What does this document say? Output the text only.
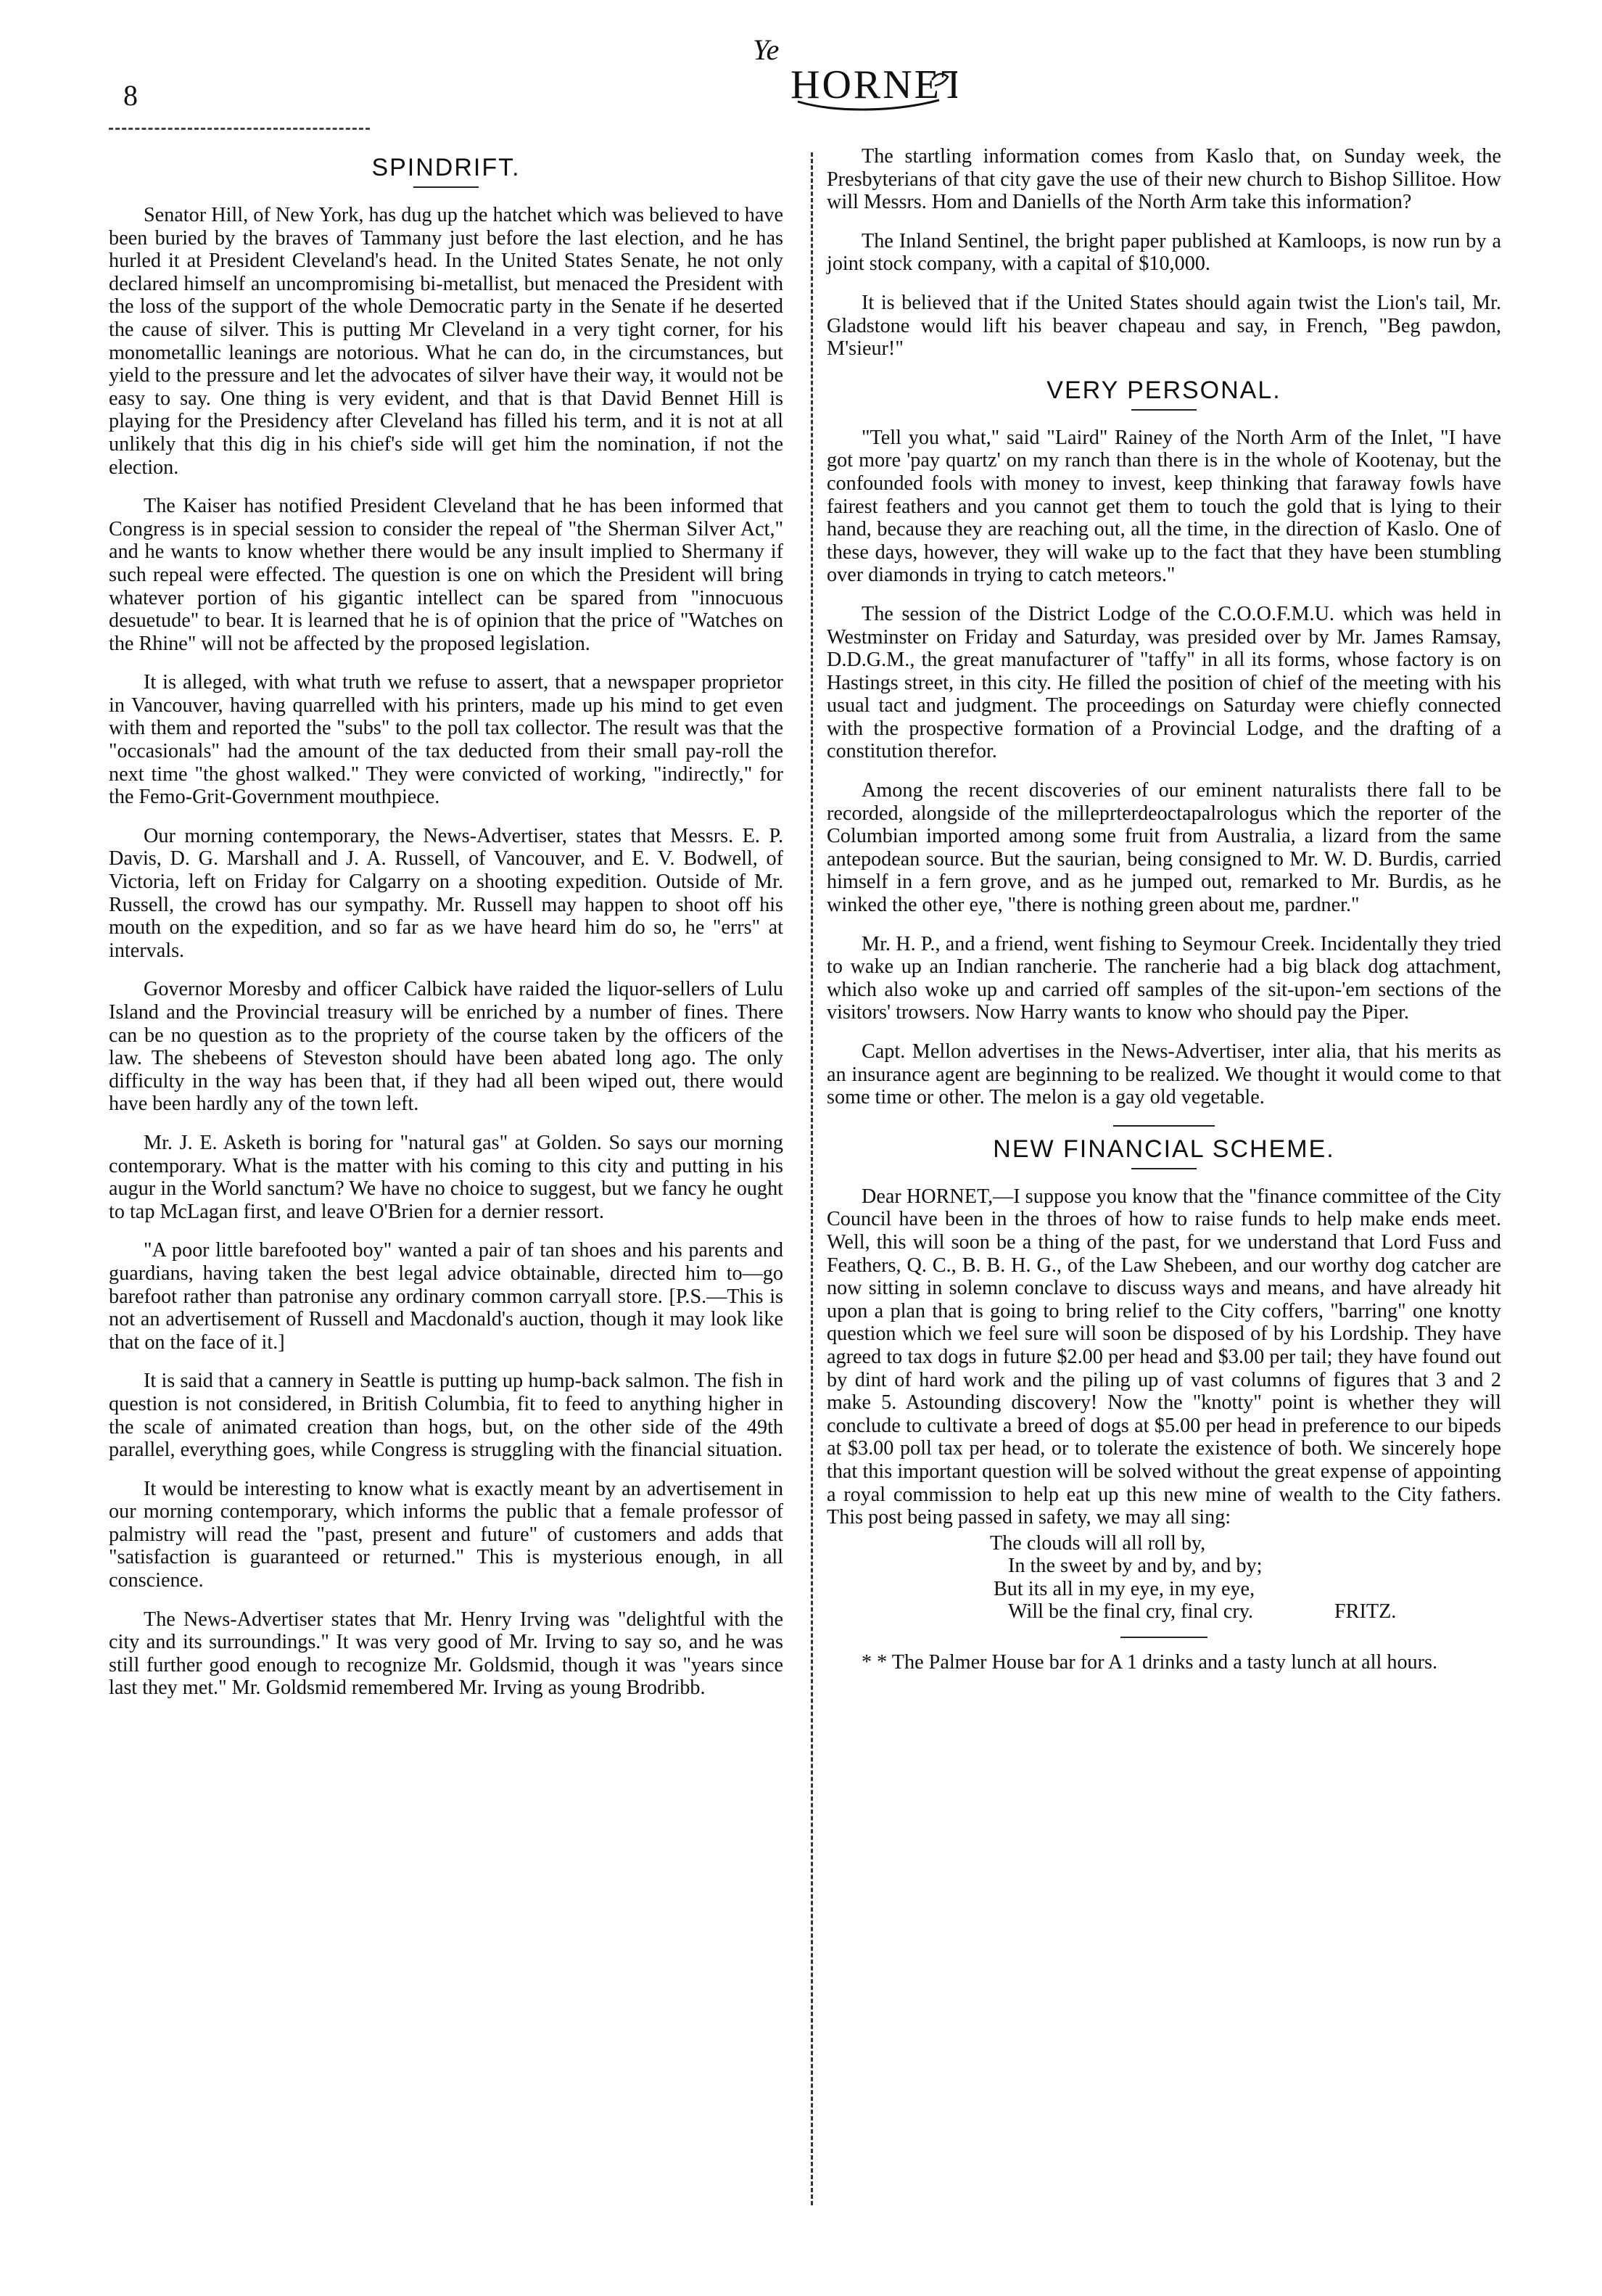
8
Ye
HORNET
SPINDRIFT.

Senator Hill, of New York, has dug up the hatchet which was believed to have been buried by the braves of Tammany just before the last election, and he has hurled it at President Cleveland's head. In the United States Senate, he not only declared himself an uncompromising bi-metallist, but menaced the President with the loss of the support of the whole Democratic party in the Senate if he deserted the cause of silver. This is putting Mr Cleveland in a very tight corner, for his monometallic leanings are notorious. What he can do, in the circumstances, but yield to the pressure and let the advocates of silver have their way, it would not be easy to say. One thing is very evident, and that is that David Bennet Hill is playing for the Presidency after Cleveland has filled his term, and it is not at all unlikely that this dig in his chief's side will get him the nomination, if not the election.

The Kaiser has notified President Cleveland that he has been informed that Congress is in special session to consider the repeal of "the Sherman Silver Act," and he wants to know whether there would be any insult implied to Shermany if such repeal were effected. The question is one on which the President will bring whatever portion of his gigantic intellect can be spared from "innocuous desuetude" to bear. It is learned that he is of opinion that the price of "Watches on the Rhine" will not be affected by the proposed legislation.

It is alleged, with what truth we refuse to assert, that a newspaper proprietor in Vancouver, having quarrelled with his printers, made up his mind to get even with them and reported the "subs" to the poll tax collector. The result was that the "occasionals" had the amount of the tax deducted from their small pay-roll the next time "the ghost walked." They were convicted of working, "indirectly," for the Femo-Grit-Government mouthpiece.

Our morning contemporary, the News-Advertiser, states that Messrs. E. P. Davis, D. G. Marshall and J. A. Russell, of Vancouver, and E. V. Bodwell, of Victoria, left on Friday for Calgarry on a shooting expedition. Outside of Mr. Russell, the crowd has our sympathy. Mr. Russell may happen to shoot off his mouth on the expedition, and so far as we have heard him do so, he "errs" at intervals.

Governor Moresby and officer Calbick have raided the liquor-sellers of Lulu Island and the Provincial treasury will be enriched by a number of fines. There can be no question as to the propriety of the course taken by the officers of the law. The shebeens of Steveston should have been abated long ago. The only difficulty in the way has been that, if they had all been wiped out, there would have been hardly any of the town left.

Mr. J. E. Asketh is boring for "natural gas" at Golden. So says our morning contemporary. What is the matter with his coming to this city and putting in his augur in the World sanctum? We have no choice to suggest, but we fancy he ought to tap McLagan first, and leave O'Brien for a dernier ressort.

"A poor little barefooted boy" wanted a pair of tan shoes and his parents and guardians, having taken the best legal advice obtainable, directed him to—go barefoot rather than patronise any ordinary common carryall store. [P.S.—This is not an advertisement of Russell and Macdonald's auction, though it may look like that on the face of it.]

It is said that a cannery in Seattle is putting up hump-back salmon. The fish in question is not considered, in British Columbia, fit to feed to anything higher in the scale of animated creation than hogs, but, on the other side of the 49th parallel, everything goes, while Congress is struggling with the financial situation.

It would be interesting to know what is exactly meant by an advertisement in our morning contemporary, which informs the public that a female professor of palmistry will read the "past, present and future" of customers and adds that "satisfaction is guaranteed or returned." This is mysterious enough, in all conscience.

The News-Advertiser states that Mr. Henry Irving was "delightful with the city and its surroundings." It was very good of Mr. Irving to say so, and he was still further good enough to recognize Mr. Goldsmid, though it was "years since last they met." Mr. Goldsmid remembered Mr. Irving as young Brodribb.

The startling information comes from Kaslo that, on Sunday week, the Presbyterians of that city gave the use of their new church to Bishop Sillitoe. How will Messrs. Hom and Daniells of the North Arm take this information?

The Inland Sentinel, the bright paper published at Kamloops, is now run by a joint stock company, with a capital of $10,000.

It is believed that if the United States should again twist the Lion's tail, Mr. Gladstone would lift his beaver chapeau and say, in French, "Beg pawdon, M'sieur!"

VERY PERSONAL.

"Tell you what," said "Laird" Rainey of the North Arm of the Inlet, "I have got more 'pay quartz' on my ranch than there is in the whole of Kootenay, but the confounded fools with money to invest, keep thinking that faraway fowls have fairest feathers and you cannot get them to touch the gold that is lying to their hand, because they are reaching out, all the time, in the direction of Kaslo. One of these days, however, they will wake up to the fact that they have been stumbling over diamonds in trying to catch meteors."

The session of the District Lodge of the C.O.O.F.M.U. which was held in Westminster on Friday and Saturday, was presided over by Mr. James Ramsay, D.D.G.M., the great manufacturer of "taffy" in all its forms, whose factory is on Hastings street, in this city. He filled the position of chief of the meeting with his usual tact and judgment. The proceedings on Saturday were chiefly connected with the prospective formation of a Provincial Lodge, and the drafting of a constitution therefor.

Among the recent discoveries of our eminent naturalists there fall to be recorded, alongside of the milleprterdeoctapalrologus which the reporter of the Columbian imported among some fruit from Australia, a lizard from the same antepodean source. But the saurian, being consigned to Mr. W. D. Burdis, carried himself in a fern grove, and as he jumped out, remarked to Mr. Burdis, as he winked the other eye, "there is nothing green about me, pardner."

Mr. H. P., and a friend, went fishing to Seymour Creek. Incidentally they tried to wake up an Indian rancherie. The rancherie had a big black dog attachment, which also woke up and carried off samples of the sit-upon-'em sections of the visitors' trowsers. Now Harry wants to know who should pay the Piper.

Capt. Mellon advertises in the News-Advertiser, inter alia, that his merits as an insurance agent are beginning to be realized. We thought it would come to that some time or other. The melon is a gay old vegetable.

NEW FINANCIAL SCHEME.

Dear HORNET,—I suppose you know that the "finance committee of the City Council have been in the throes of how to raise funds to help make ends meet. Well, this will soon be a thing of the past, for we understand that Lord Fuss and Feathers, Q. C., B. B. H. G., of the Law Shebeen, and our worthy dog catcher are now sitting in solemn conclave to discuss ways and means, and have already hit upon a plan that is going to bring relief to the City coffers, "barring" one knotty question which we feel sure will soon be disposed of by his Lordship. They have agreed to tax dogs in future $2.00 per head and $3.00 per tail; they have found out by dint of hard work and the piling up of vast columns of figures that 3 and 2 make 5. Astounding discovery! Now the "knotty" point is whether they will conclude to cultivate a breed of dogs at $5.00 per head in preference to our bipeds at $3.00 poll tax per head, or to tolerate the existence of both. We sincerely hope that this important question will be solved without the great expense of appointing a royal commission to help eat up this new mine of wealth to the City fathers. This post being passed in safety, we may all sing:

The clouds will all roll by,
In the sweet by and by, and by;
But its all in my eye, in my eye,
Will be the final cry, final cry.	FRITZ.

* * The Palmer House bar for A 1 drinks and a tasty lunch at all hours.
